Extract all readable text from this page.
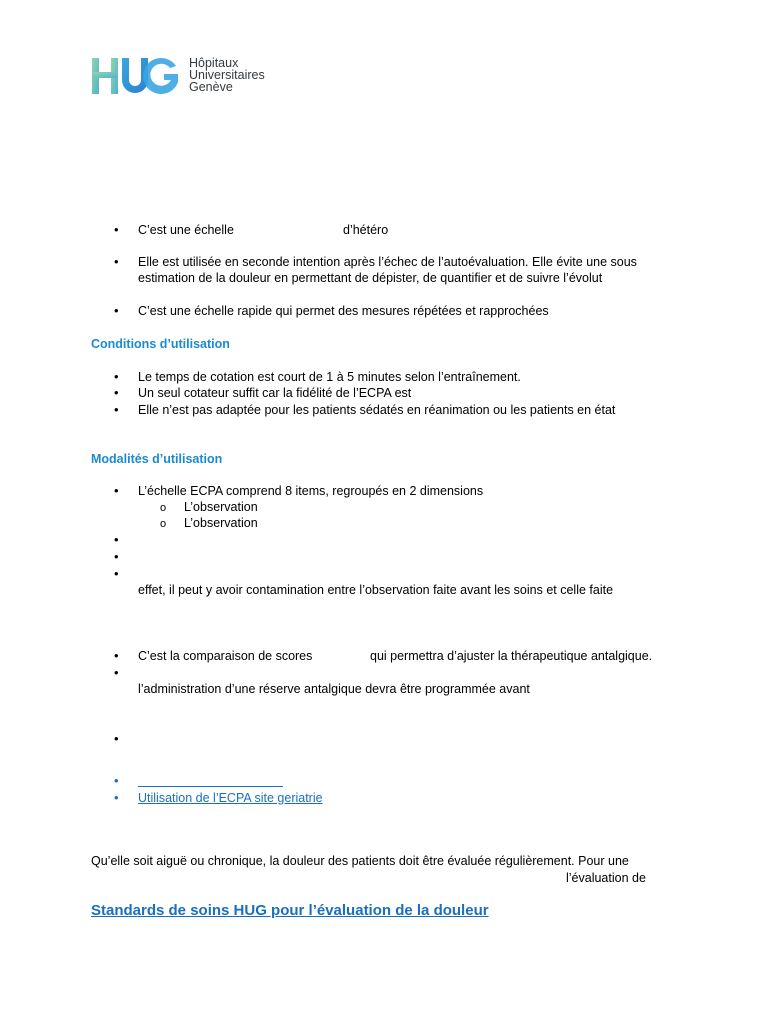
Hôpitaux
Universitaires
Genève
•
C’est une échelle	d’hétéro
•
Elle est utilisée en seconde intention après l’échec de l’autoévaluation. Elle évite une sous
estimation de la douleur en permettant de dépister, de quantifier et de suivre l’évolut
•
C’est une échelle rapide qui permet des mesures répétées et rapprochées
Conditions d’utilisation
•
Le temps de cotation est court de 1 à 5 minutes selon l’entraînement.
•
Un seul cotateur suffit car la fidélité de l’ECPA est
•
Elle n’est pas adaptée pour les patients sédatés en réanimation ou les patients en état
Modalités d’utilisation
•
L’échelle ECPA comprend 8 items, regroupés en 2 dimensions
o L’observation
o L’observation
•
•
•
effet, il peut y avoir contamination entre l’observation faite avant les soins et celle faite
•
C’est la comparaison de scores	qui permettra d’ajuster la thérapeutique antalgique.
•
l’administration d’une réserve antalgique devra être programmée avant
•
•
•
Utilisation de l’ECPA site geriatrie
Qu’elle soit aiguë ou chronique, la douleur des patients doit être évaluée régulièrement. Pour une
l’évaluation de
Standards de soins HUG pour l’évaluation de la douleur
